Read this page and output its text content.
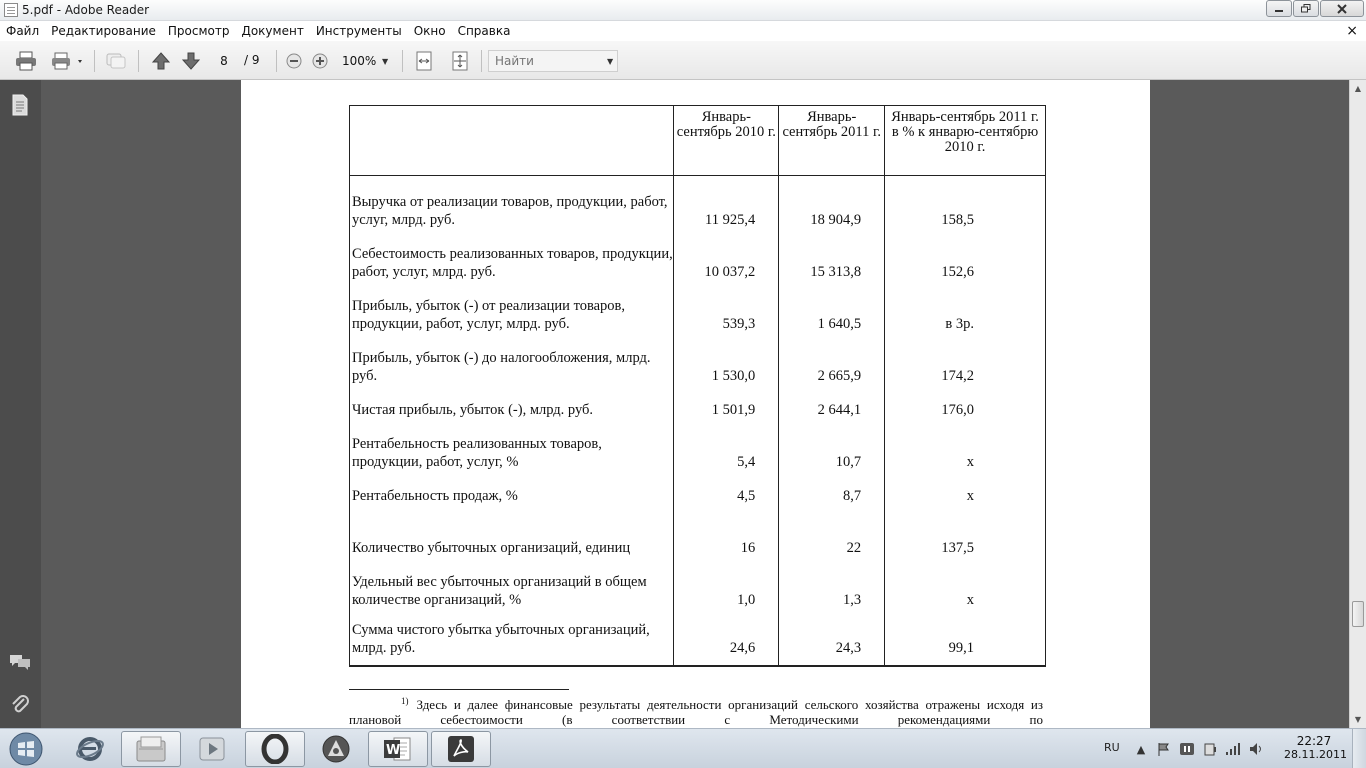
5.pdf - Adobe Reader
Файл	Редактирование	Просмотр	Документ	Инструменты	Окно	Справка	×
8
/ 9
100%	▼
Найти	▼
	Январь-сентябрь 2010 г.	Январь-сентябрь 2011 г.	Январь-сентябрь 2011 г. в % к январю-сентябрю 2010 г.
Выручка от реализации товаров, продукции, работ, услуг, млрд. руб.	11 925,4	18 904,9	158,5
Себестоимость реализованных товаров, продукции, работ, услуг, млрд. руб.	10 037,2	15 313,8	152,6
Прибыль, убыток (-) от реализации товаров, продукции, работ, услуг, млрд. руб.	539,3	1 640,5	в 3р.
Прибыль, убыток (-) до налогообложения, млрд. руб.	1 530,0	2 665,9	174,2
Чистая прибыль, убыток (-), млрд. руб.	1 501,9	2 644,1	176,0
Рентабельность реализованных товаров, продукции, работ, услуг, %	5,4	10,7	х
Рентабельность продаж, %	4,5	8,7	х
Количество убыточных организаций, единиц	16	22	137,5
Удельный вес убыточных организаций в общем количестве организаций, %	1,0	1,3	х
Сумма чистого убытка убыточных организаций, млрд. руб.	24,6	24,3	99,1
$^{1)}$ Здесь и далее финансовые результаты деятельности организаций сельского хозяйства отражены исходя из плановой себестоимости (в соответствии с Методическими рекомендациями по
▲
▼
W	RU	▲
22:27
28.11.2011
